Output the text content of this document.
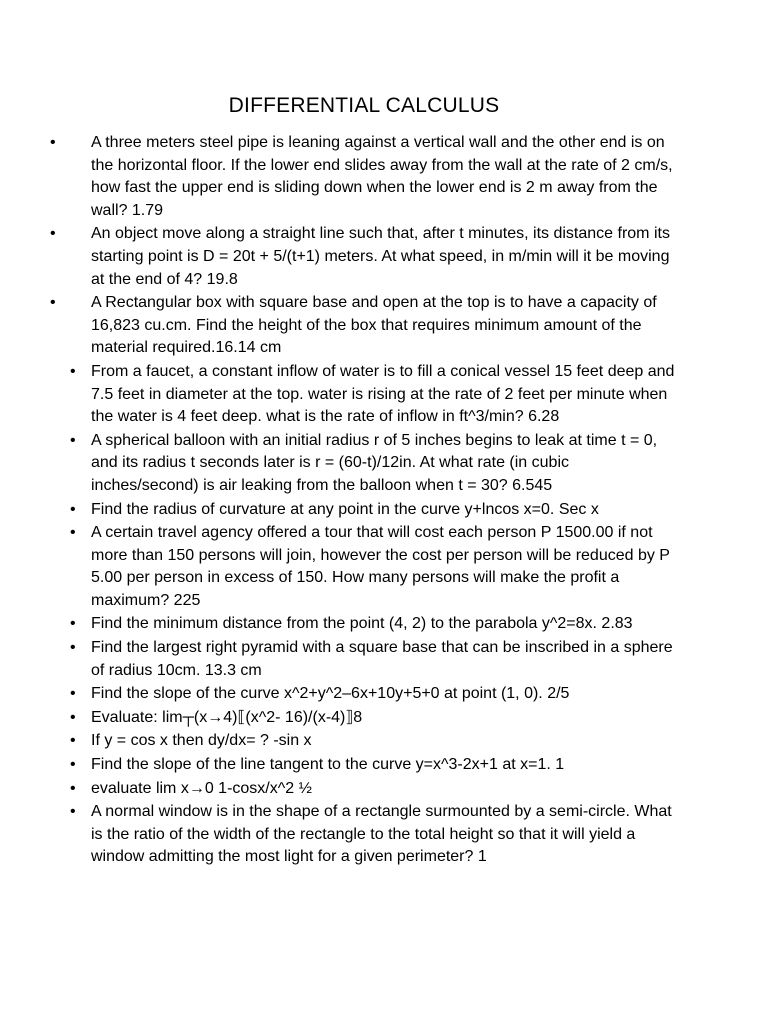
DIFFERENTIAL CALCULUS
• A three meters steel pipe is leaning against a vertical wall and the other end is on the horizontal floor. If the lower end slides away from the wall at the rate of 2 cm/s, how fast the upper end is sliding down when the lower end is 2 m away from the wall? 1.79
• An object move along a straight line such that, after t minutes, its distance from its starting point is D = 20t + 5/(t+1) meters. At what speed, in m/min will it be moving at the end of 4? 19.8
• A Rectangular box with square base and open at the top is to have a capacity of 16,823 cu.cm. Find the height of the box that requires minimum amount of the material required.16.14 cm
• From a faucet, a constant inflow of water is to fill a conical vessel 15 feet deep and 7.5 feet in diameter at the top. water is rising at the rate of 2 feet per minute when the water is 4 feet deep. what is the rate of inflow in ft^3/min? 6.28
• A spherical balloon with an initial radius r of 5 inches begins to leak at time t = 0, and its radius t seconds later is r = (60-t)/12in. At what rate (in cubic inches/second) is air leaking from the balloon when t = 30? 6.545
• Find the radius of curvature at any point in the curve y+lncos x=0. Sec x
• A certain travel agency offered a tour that will cost each person P 1500.00 if not more than 150 persons will join, however the cost per person will be reduced by P 5.00 per person in excess of 150. How many persons will make the profit a maximum? 225
• Find the minimum distance from the point (4, 2) to the parabola y^2=8x. 2.83
• Find the largest right pyramid with a square base that can be inscribed in a sphere of radius 10cm. 13.3 cm
• Find the slope of the curve x^2+y^2–6x+10y+5+0 at point (1, 0). 2/5
• Evaluate: lim┬(x→4)⟦(x^2- 16)/(x-4)⟧8
• If y = cos x then dy/dx= ? -sin x
• Find the slope of the line tangent to the curve y=x^3-2x+1 at x=1. 1
• evaluate lim x→0 1-cosx/x^2 ½
• A normal window is in the shape of a rectangle surmounted by a semi-circle. What is the ratio of the width of the rectangle to the total height so that it will yield a window admitting the most light for a given perimeter? 1
